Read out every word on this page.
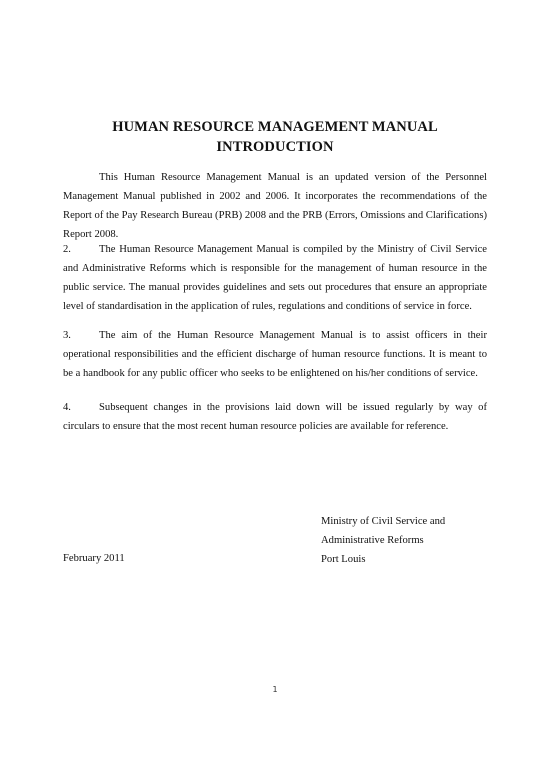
HUMAN RESOURCE MANAGEMENT MANUAL
INTRODUCTION
This Human Resource Management Manual is an updated version of the Personnel Management Manual published in 2002 and 2006. It incorporates the recommendations of the Report of the Pay Research Bureau (PRB) 2008 and the PRB (Errors, Omissions and Clarifications) Report 2008.
2.	The Human Resource Management Manual is compiled by the Ministry of Civil Service and Administrative Reforms which is responsible for the management of human resource in the public service. The manual provides guidelines and sets out procedures that ensure an appropriate level of standardisation in the application of rules, regulations and conditions of service in force.
3.	The aim of the Human Resource Management Manual is to assist officers in their operational responsibilities and the efficient discharge of human resource functions. It is meant to be a handbook for any public officer who seeks to be enlightened on his/her conditions of service.
4.	Subsequent changes in the provisions laid down will be issued regularly by way of circulars to ensure that the most recent human resource policies are available for reference.
Ministry of Civil Service and
Administrative Reforms
Port Louis
February 2011
1
